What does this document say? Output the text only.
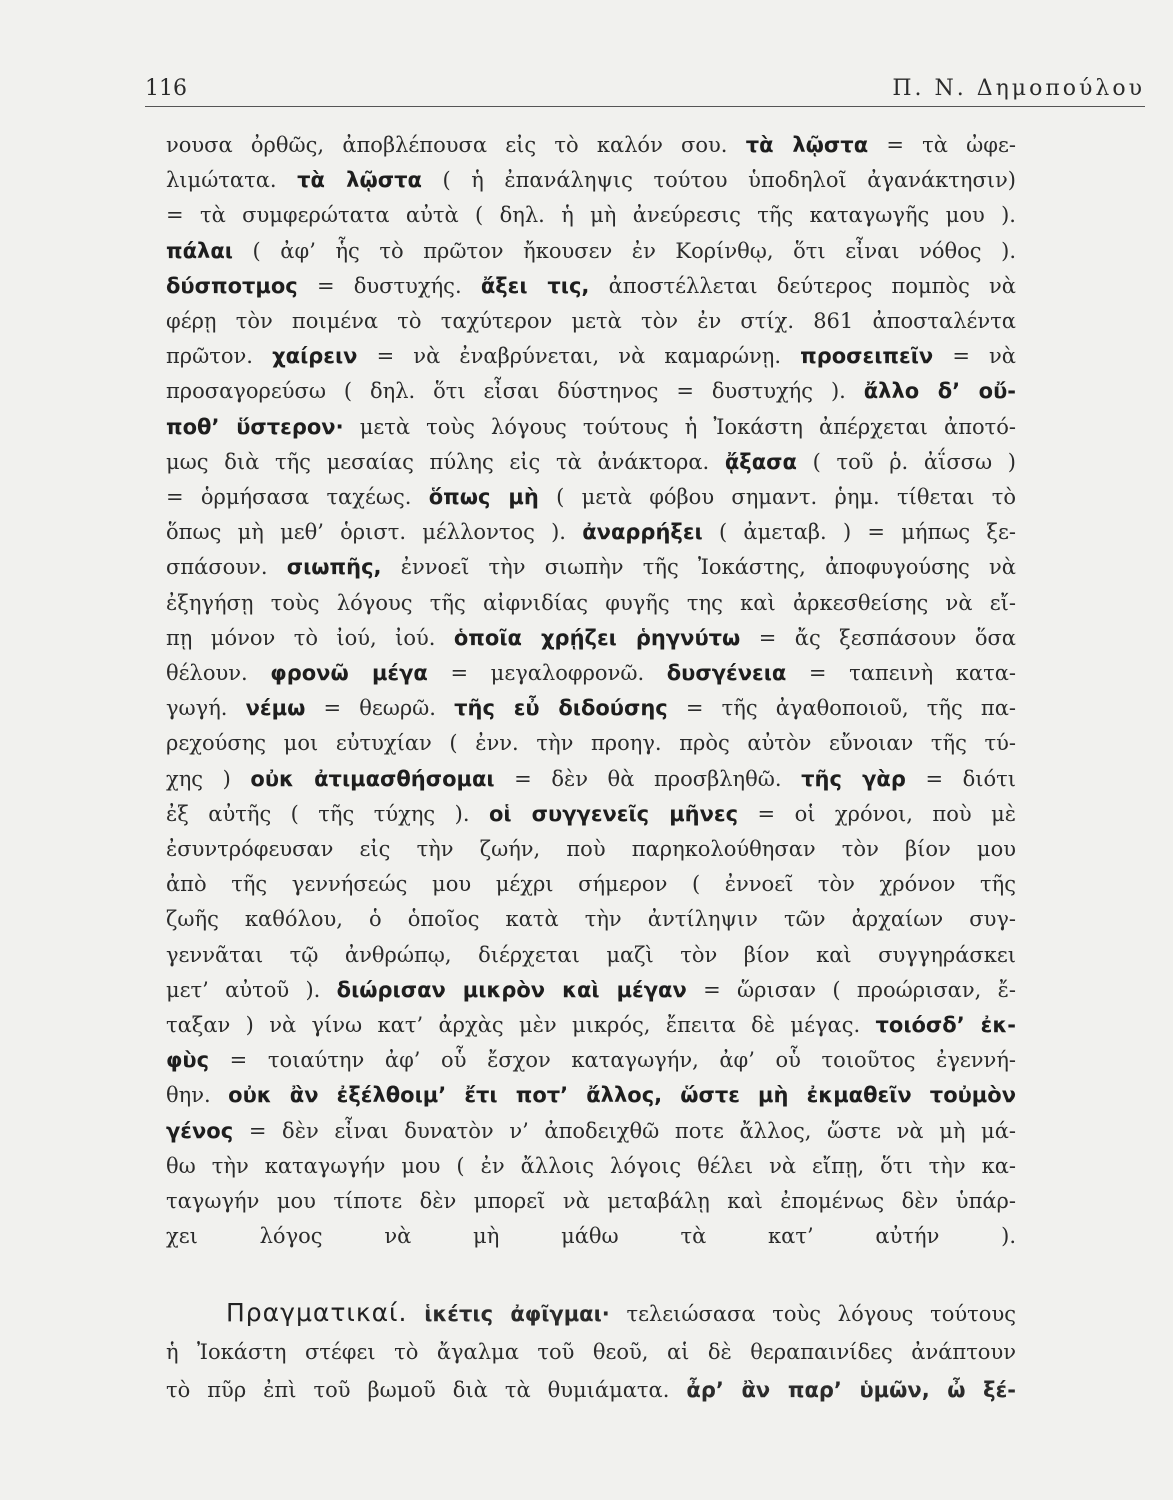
116	Π. Ν. Δημοπούλου
νουσα ὀρθῶς, ἀποβλέπουσα εἰς τὸ καλόν σου. τὰ λῷστα = τὰ ὠφε-
λιμώτατα. τὰ λῷστα ( ἡ ἐπανάληψις τούτου ὑποδηλοῖ ἀγανάκτησιν)
= τὰ συμφερώτατα αὐτὰ ( δηλ. ἡ μὴ ἀνεύρεσις τῆς καταγωγῆς μου ).
πάλαι ( ἀφ’ ἧς τὸ πρῶτον ἤκουσεν ἐν Κορίνθῳ, ὅτι εἶναι νόθος ).
δύσποτμος = δυστυχής. ἄξει τις, ἀποστέλλεται δεύτερος πομπὸς νὰ
φέρῃ τὸν ποιμένα τὸ ταχύτερον μετὰ τὸν ἐν στίχ. 861 ἀποσταλέντα
πρῶτον. χαίρειν = νὰ ἐναβρύνεται, νὰ καμαρώνῃ. προσειπεῖν = νὰ
προσαγορεύσω ( δηλ. ὅτι εἶσαι δύστηνος = δυστυχής ). ἄλλο δ’ οὔ-
ποθ’ ὕστερον· μετὰ τοὺς λόγους τούτους ἡ Ἰοκάστη ἀπέρχεται ἀποτό-
μως διὰ τῆς μεσαίας πύλης εἰς τὰ ἀνάκτορα. ᾄξασα ( τοῦ ῥ. ἀΐσσω )
= ὁρμήσασα ταχέως. ὅπως μὴ ( μετὰ φόβου σημαντ. ῥημ. τίθεται τὸ
ὅπως μὴ μεθ’ ὁριστ. μέλλοντος ). ἀναρρήξει ( ἀμεταβ. ) = μήπως ξε-
σπάσουν. σιωπῆς, ἐννοεῖ τὴν σιωπὴν τῆς Ἰοκάστης, ἀποφυγούσης νὰ
ἐξηγήσῃ τοὺς λόγους τῆς αἰφνιδίας φυγῆς της καὶ ἀρκεσθείσης νὰ εἴ-
πῃ μόνον τὸ ἰού, ἰού. ὁποῖα χρῄζει ῥηγνύτω = ἄς ξεσπάσουν ὅσα
θέλουν. φρονῶ μέγα = μεγαλοφρονῶ. δυσγένεια = ταπεινὴ κατα-
γωγή. νέμω = θεωρῶ. τῆς εὖ διδούσης = τῆς ἀγαθοποιοῦ, τῆς πα-
ρεχούσης μοι εὐτυχίαν ( ἐνν. τὴν προηγ. πρὸς αὐτὸν εὔνοιαν τῆς τύ-
χης ) οὐκ ἀτιμασθήσομαι = δὲν θὰ προσβληθῶ. τῆς γὰρ = διότι
ἐξ αὐτῆς ( τῆς τύχης ). οἱ συγγενεῖς μῆνες = οἱ χρόνοι, ποὺ μὲ
ἐσυντρόφευσαν εἰς τὴν ζωήν, ποὺ παρηκολούθησαν τὸν βίον μου
ἀπὸ τῆς γεννήσεώς μου μέχρι σήμερον ( ἐννοεῖ τὸν χρόνον τῆς
ζωῆς καθόλου, ὁ ὁποῖος κατὰ τὴν ἀντίληψιν τῶν ἀρχαίων συγ-
γεννᾶται τῷ ἀνθρώπῳ, διέρχεται μαζὶ τὸν βίον καὶ συγγηράσκει
μετ’ αὐτοῦ ). διώρισαν μικρὸν καὶ μέγαν = ὥρισαν ( προώρισαν, ἔ-
ταξαν ) νὰ γίνω κατ’ ἀρχὰς μὲν μικρός, ἔπειτα δὲ μέγας. τοιόσδ’ ἐκ-
φὺς = τοιαύτην ἀφ’ οὗ ἔσχον καταγωγήν, ἀφ’ οὗ τοιοῦτος ἐγεννή-
θην. οὐκ ἂν ἐξέλθοιμ’ ἔτι ποτ’ ἄλλος, ὥστε μὴ ἐκμαθεῖν τοὐμὸν
γένος = δὲν εἶναι δυνατὸν ν’ ἀποδειχθῶ ποτε ἄλλος, ὥστε νὰ μὴ μά-
θω τὴν καταγωγήν μου ( ἐν ἄλλοις λόγοις θέλει νὰ εἴπῃ, ὅτι τὴν κα-
ταγωγήν μου τίποτε δὲν μπορεῖ νὰ μεταβάλῃ καὶ ἐπομένως δὲν ὑπάρ-
χει λόγος νὰ μὴ μάθω τὰ κατ’ αὐτήν ).
Πραγματικαί. ἱκέτις ἀφῖγμαι· τελειώσασα τοὺς λόγους τούτους
ἡ Ἰοκάστη στέφει τὸ ἄγαλμα τοῦ θεοῦ, αἱ δὲ θεραπαινίδες ἀνάπτουν
τὸ πῦρ ἐπὶ τοῦ βωμοῦ διὰ τὰ θυμιάματα. ἆρ’ ἂν παρ’ ὑμῶν, ὦ ξέ-
